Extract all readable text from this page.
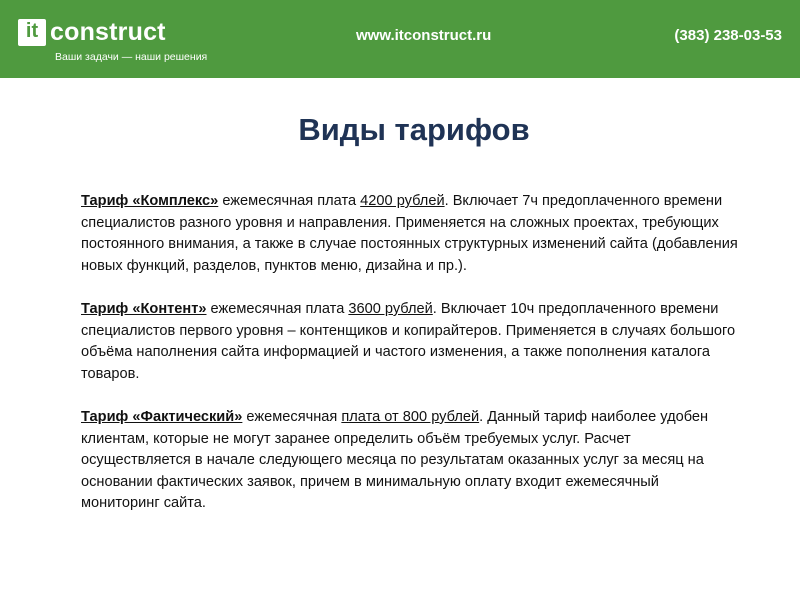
it construct
Ваши задачи — наши решения
www.itconstruct.ru	(383) 238-03-53
Виды тарифов

Тариф «Комплекс» ежемесячная плата 4200 рублей. Включает 7ч предоплаченного времени специалистов разного уровня и направления. Применяется на сложных проектах, требующих постоянного внимания, а также в случае постоянных структурных изменений сайта (добавления новых функций, разделов, пунктов меню, дизайна и пр.).

Тариф «Контент» ежемесячная плата 3600 рублей. Включает 10ч предоплаченного времени специалистов первого уровня – контенщиков и копирайтеров. Применяется в случаях большого объёма наполнения сайта информацией и частого изменения, а также пополнения каталога товаров.

Тариф «Фактический» ежемесячная плата от 800 рублей. Данный тариф наиболее удобен клиентам, которые не могут заранее определить объём требуемых услуг. Расчет осуществляется в начале следующего месяца по результатам оказанных услуг за месяц на основании фактических заявок, причем в минимальную оплату входит ежемесячный мониторинг сайта.
